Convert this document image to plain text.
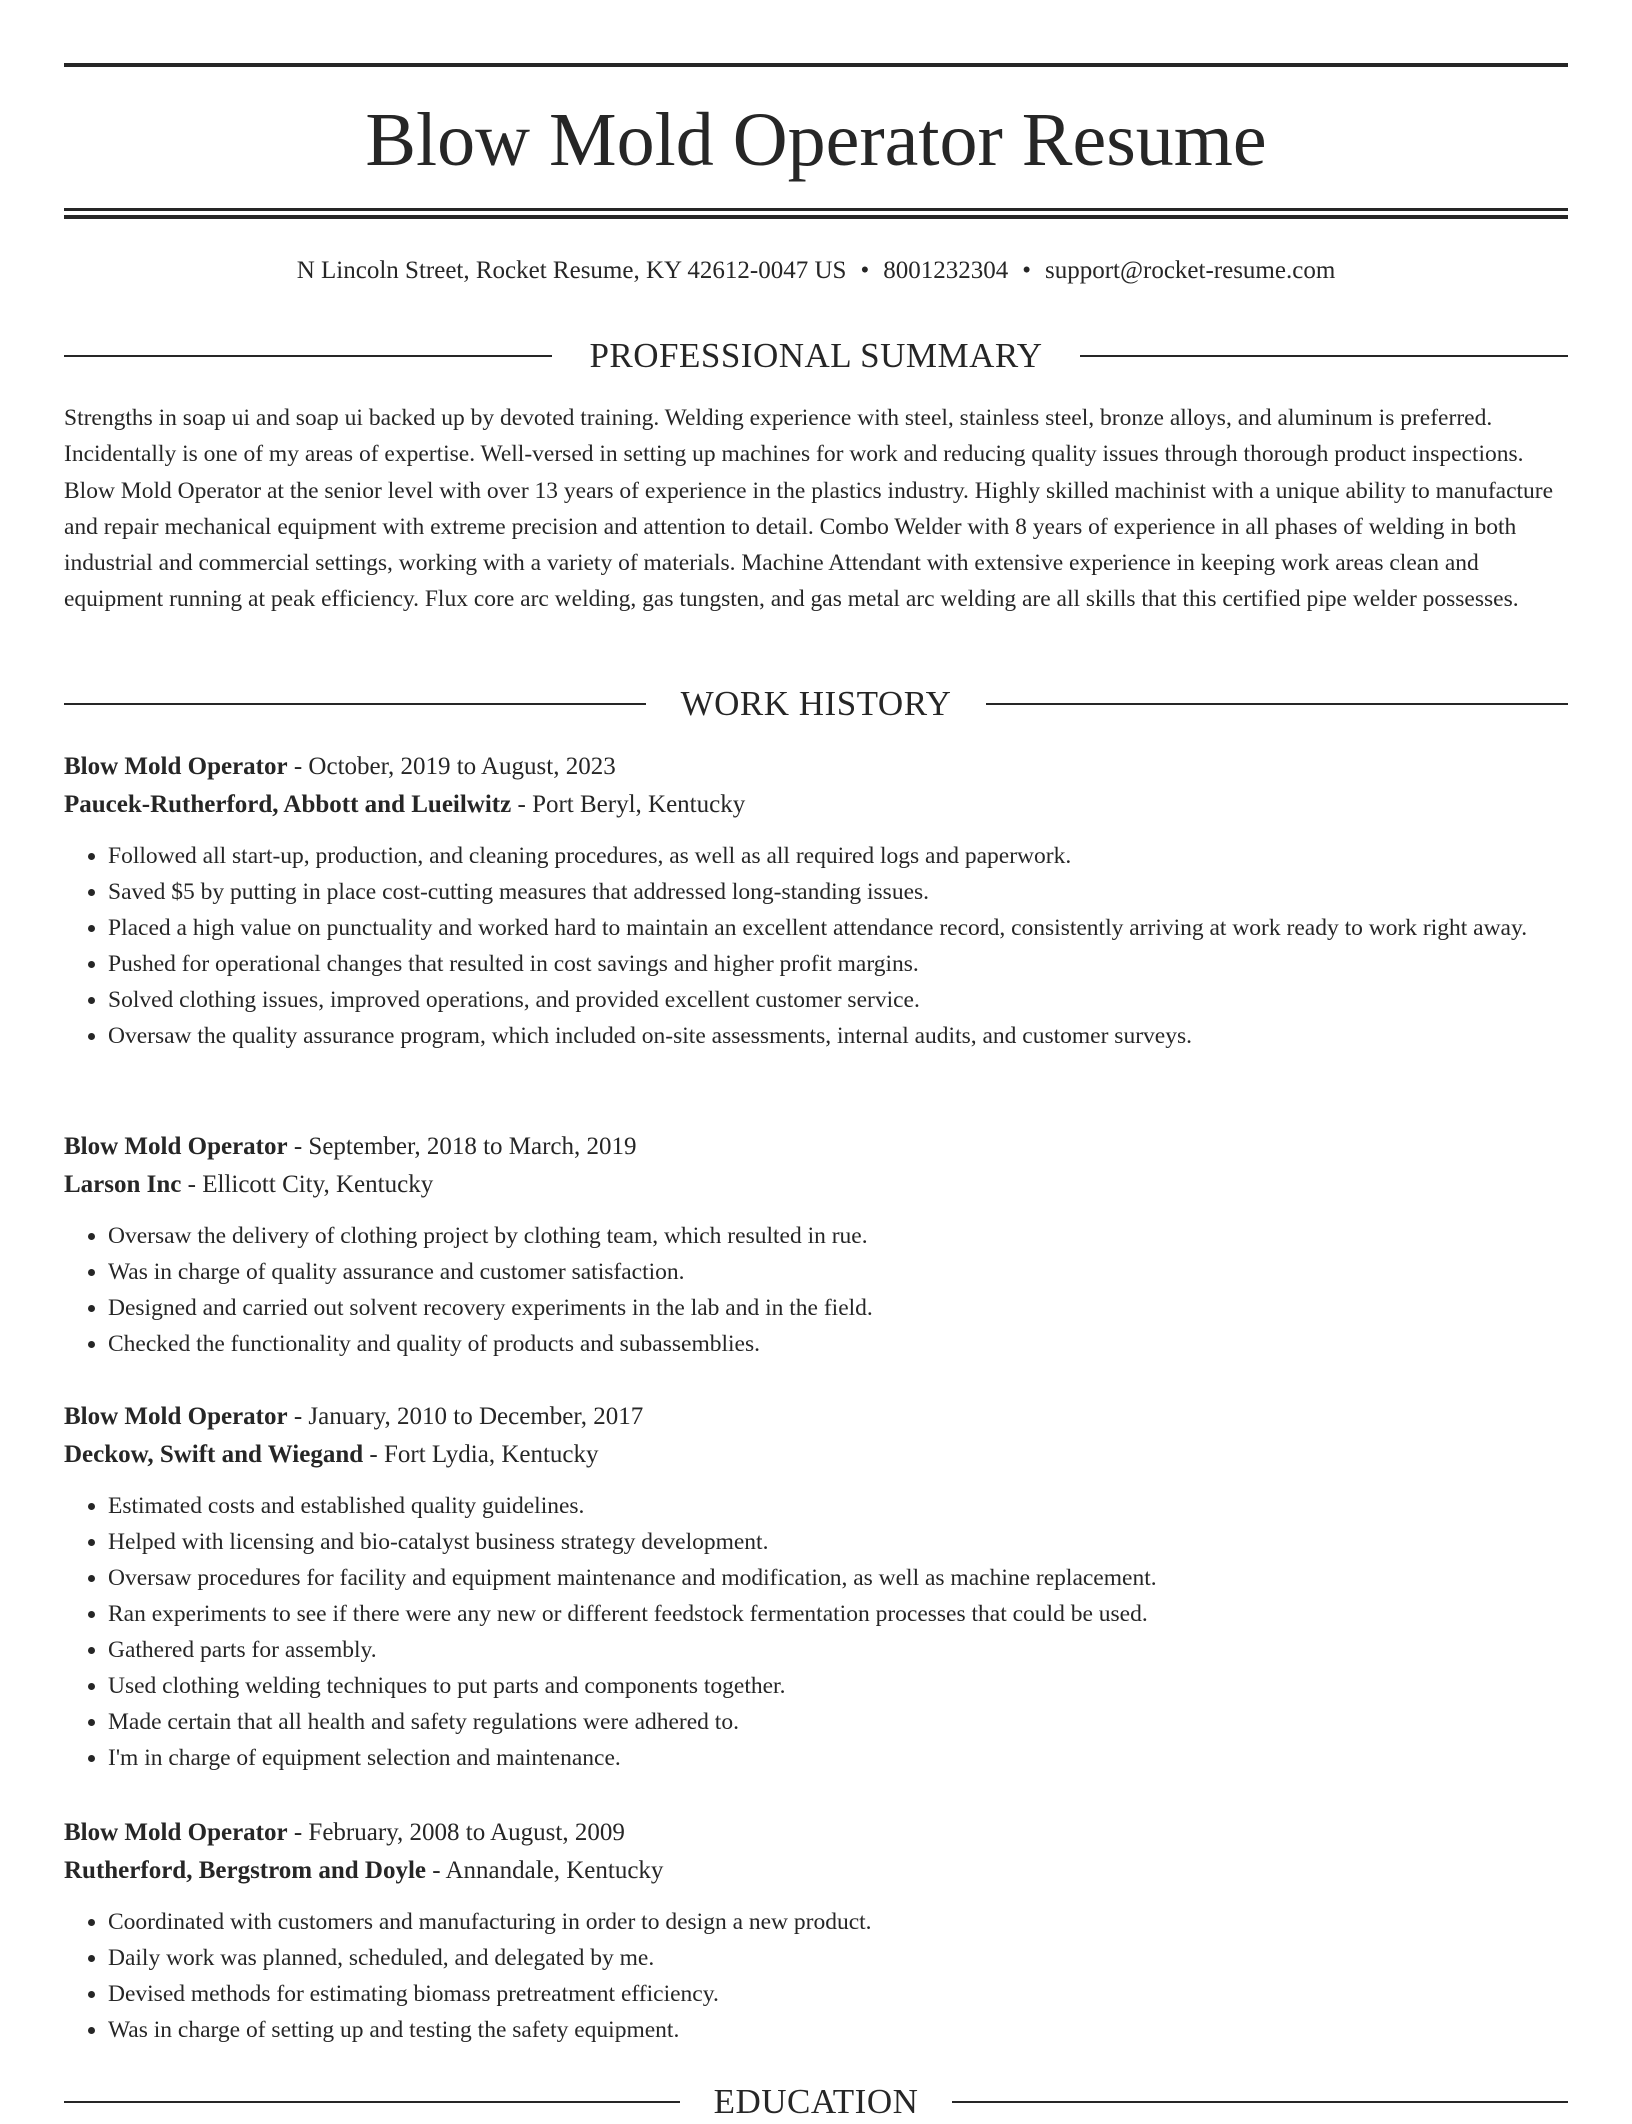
Blow Mold Operator Resume
N Lincoln Street, Rocket Resume, KY 42612-0047 US • 8001232304 • support@rocket-resume.com
PROFESSIONAL SUMMARY

Strengths in soap ui and soap ui backed up by devoted training. Welding experience with steel, stainless steel, bronze alloys, and aluminum is preferred. Incidentally is one of my areas of expertise. Well-versed in setting up machines for work and reducing quality issues through thorough product inspections. Blow Mold Operator at the senior level with over 13 years of experience in the plastics industry. Highly skilled machinist with a unique ability to manufacture and repair mechanical equipment with extreme precision and attention to detail. Combo Welder with 8 years of experience in all phases of welding in both industrial and commercial settings, working with a variety of materials. Machine Attendant with extensive experience in keeping work areas clean and equipment running at peak efficiency. Flux core arc welding, gas tungsten, and gas metal arc welding are all skills that this certified pipe welder possesses.

WORK HISTORY

Blow Mold Operator - October, 2019 to August, 2023

Paucek-Rutherford, Abbott and Lueilwitz - Port Beryl, Kentucky

• Followed all start-up, production, and cleaning procedures, as well as all required logs and paperwork.
• Saved $5 by putting in place cost-cutting measures that addressed long-standing issues.
• Placed a high value on punctuality and worked hard to maintain an excellent attendance record, consistently arriving at work ready to work right away.
• Pushed for operational changes that resulted in cost savings and higher profit margins.
• Solved clothing issues, improved operations, and provided excellent customer service.
• Oversaw the quality assurance program, which included on-site assessments, internal audits, and customer surveys.

Blow Mold Operator - September, 2018 to March, 2019

Larson Inc - Ellicott City, Kentucky

• Oversaw the delivery of clothing project by clothing team, which resulted in rue.
• Was in charge of quality assurance and customer satisfaction.
• Designed and carried out solvent recovery experiments in the lab and in the field.
• Checked the functionality and quality of products and subassemblies.

Blow Mold Operator - January, 2010 to December, 2017

Deckow, Swift and Wiegand - Fort Lydia, Kentucky

• Estimated costs and established quality guidelines.
• Helped with licensing and bio-catalyst business strategy development.
• Oversaw procedures for facility and equipment maintenance and modification, as well as machine replacement.
• Ran experiments to see if there were any new or different feedstock fermentation processes that could be used.
• Gathered parts for assembly.
• Used clothing welding techniques to put parts and components together.
• Made certain that all health and safety regulations were adhered to.
• I'm in charge of equipment selection and maintenance.

Blow Mold Operator - February, 2008 to August, 2009

Rutherford, Bergstrom and Doyle - Annandale, Kentucky

• Coordinated with customers and manufacturing in order to design a new product.
• Daily work was planned, scheduled, and delegated by me.
• Devised methods for estimating biomass pretreatment efficiency.
• Was in charge of setting up and testing the safety equipment.
EDUCATION
